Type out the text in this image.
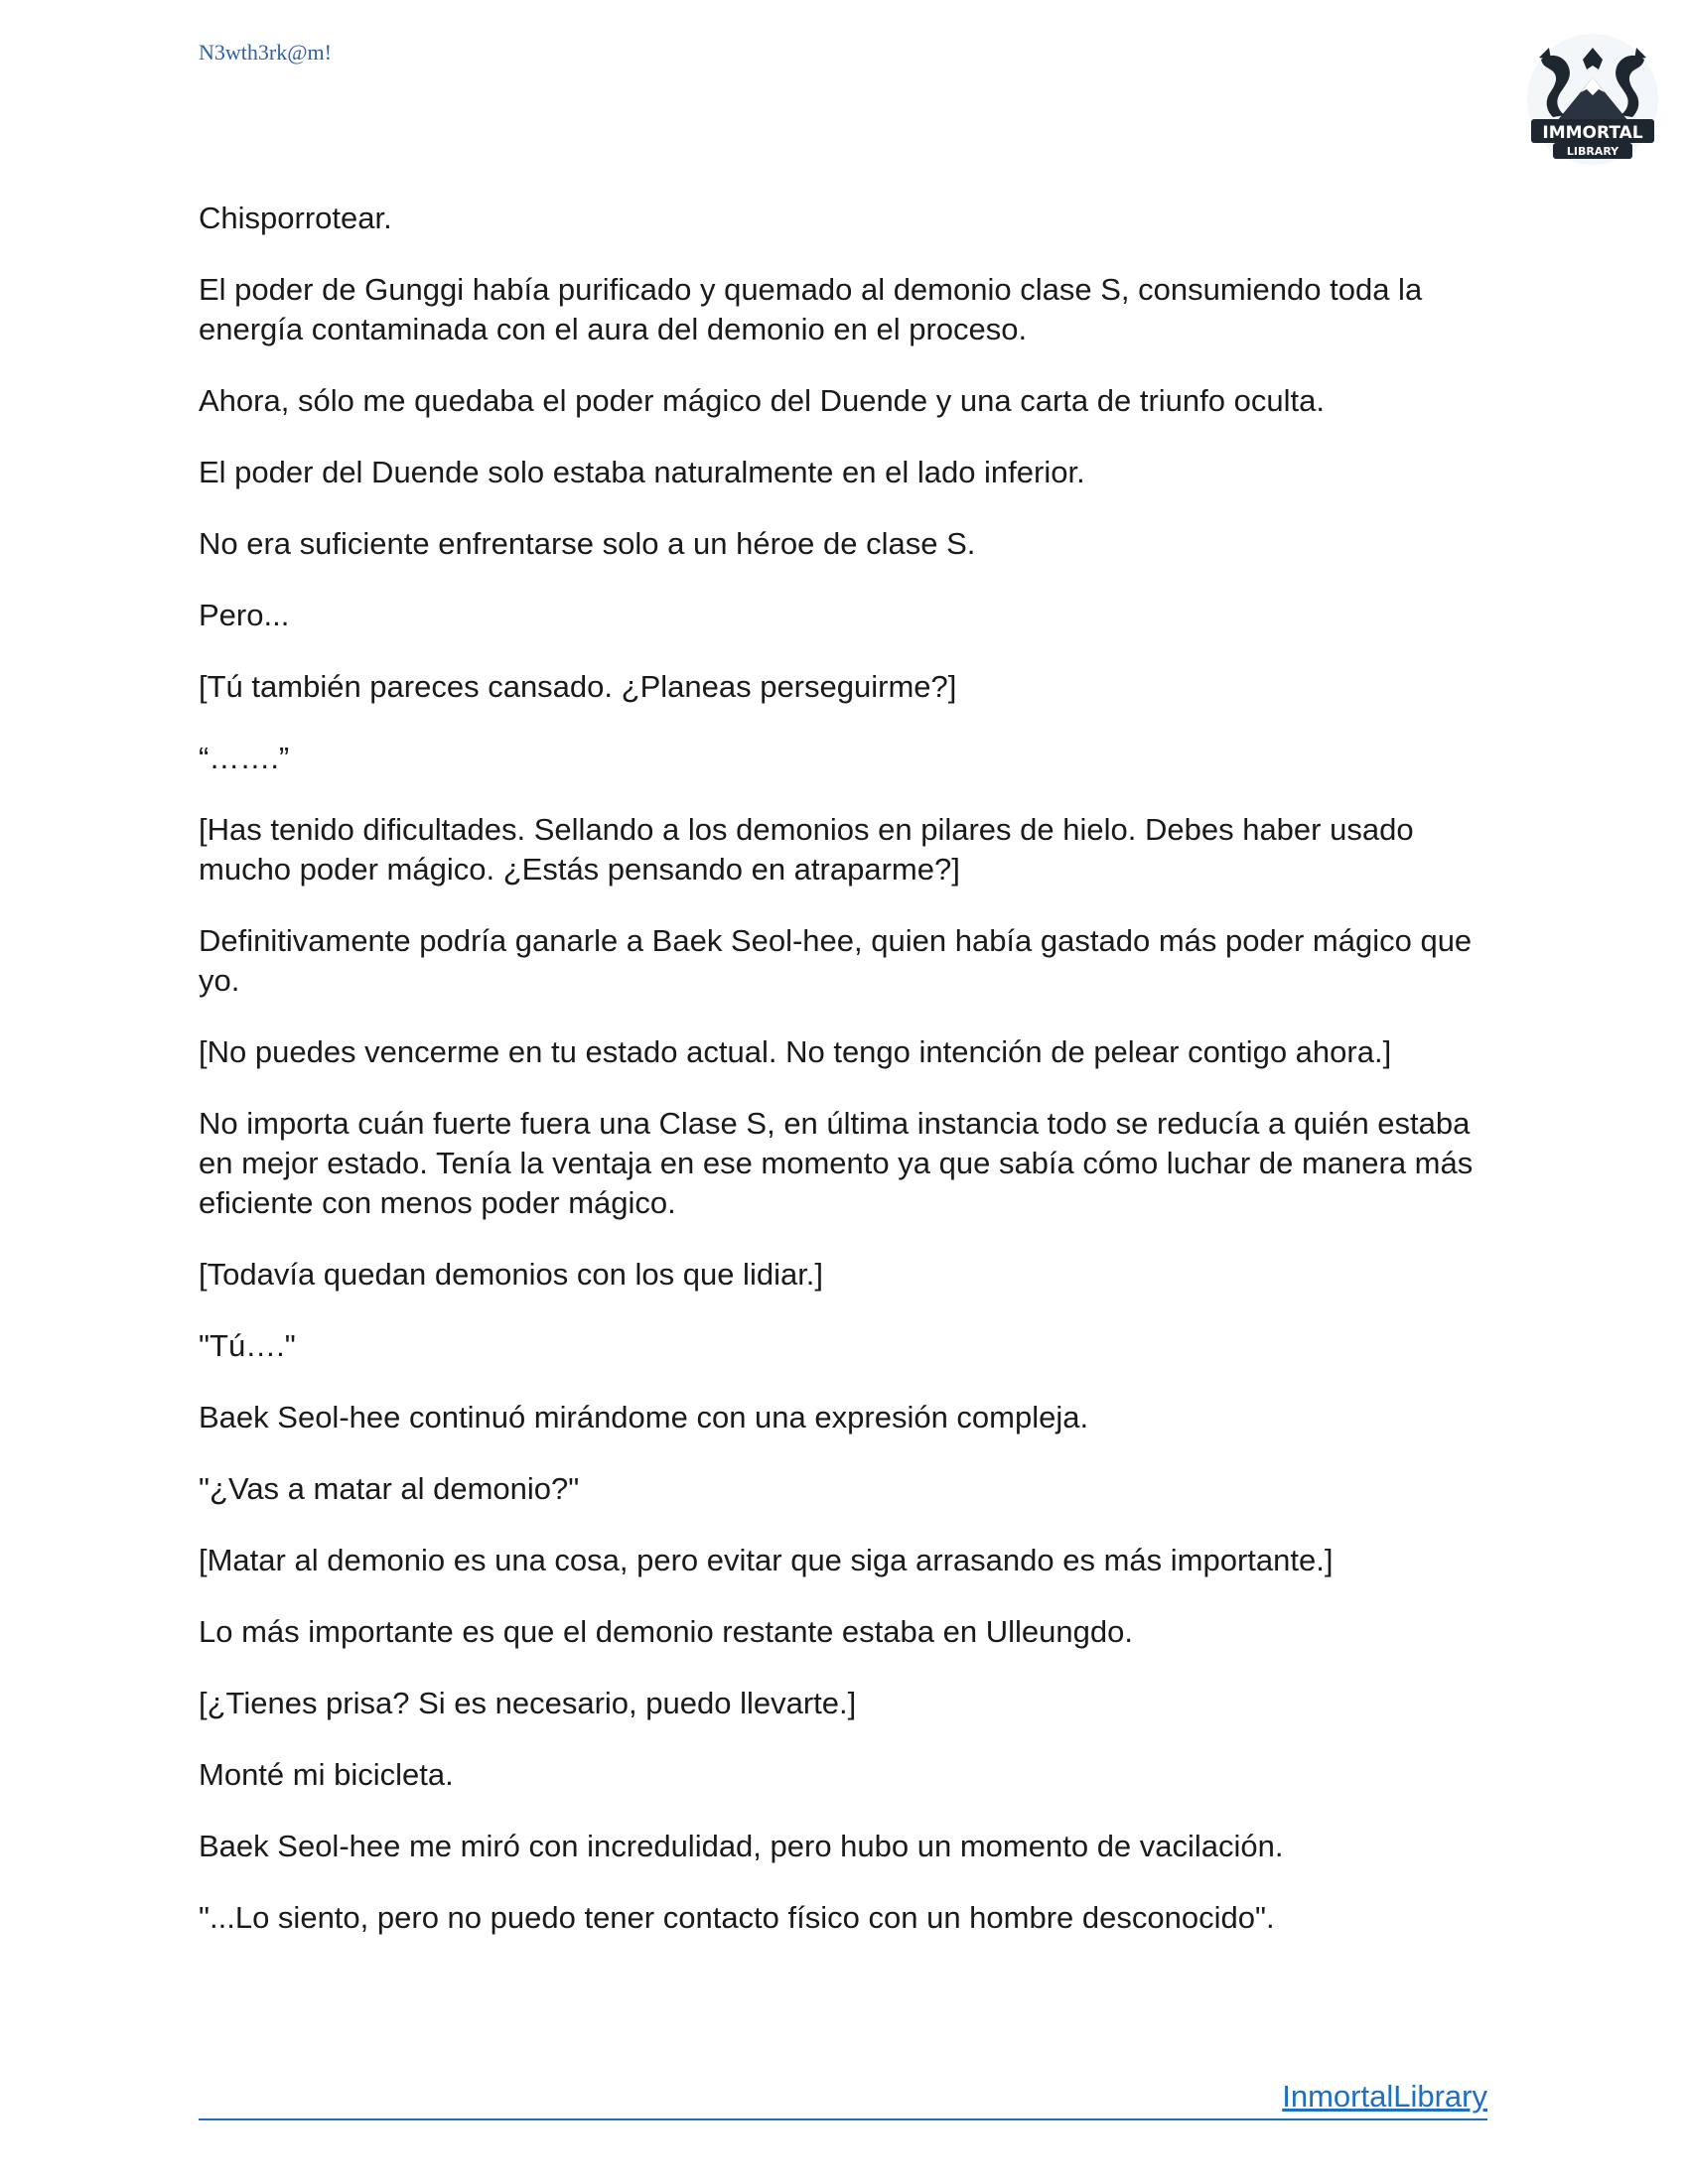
N3wth3rk@m!
IMMORTAL
LIBRARY

Chisporrotear.

El poder de Gunggi había purificado y quemado al demonio clase S, consumiendo toda la energía contaminada con el aura del demonio en el proceso.

Ahora, sólo me quedaba el poder mágico del Duende y una carta de triunfo oculta.

El poder del Duende solo estaba naturalmente en el lado inferior.

No era suficiente enfrentarse solo a un héroe de clase S.

Pero...

[Tú también pareces cansado. ¿Planeas perseguirme?]

“…….”

[Has tenido dificultades. Sellando a los demonios en pilares de hielo. Debes haber usado mucho poder mágico. ¿Estás pensando en atraparme?]

Definitivamente podría ganarle a Baek Seol-hee, quien había gastado más poder mágico que yo.

[No puedes vencerme en tu estado actual. No tengo intención de pelear contigo ahora.]

No importa cuán fuerte fuera una Clase S, en última instancia todo se reducía a quién estaba en mejor estado. Tenía la ventaja en ese momento ya que sabía cómo luchar de manera más eficiente con menos poder mágico.

[Todavía quedan demonios con los que lidiar.]

"Tú…."

Baek Seol-hee continuó mirándome con una expresión compleja.

"¿Vas a matar al demonio?"

[Matar al demonio es una cosa, pero evitar que siga arrasando es más importante.]

Lo más importante es que el demonio restante estaba en Ulleungdo.

[¿Tienes prisa? Si es necesario, puedo llevarte.]

Monté mi bicicleta.

Baek Seol-hee me miró con incredulidad, pero hubo un momento de vacilación.

"...Lo siento, pero no puedo tener contacto físico con un hombre desconocido".

InmortalLibrary
